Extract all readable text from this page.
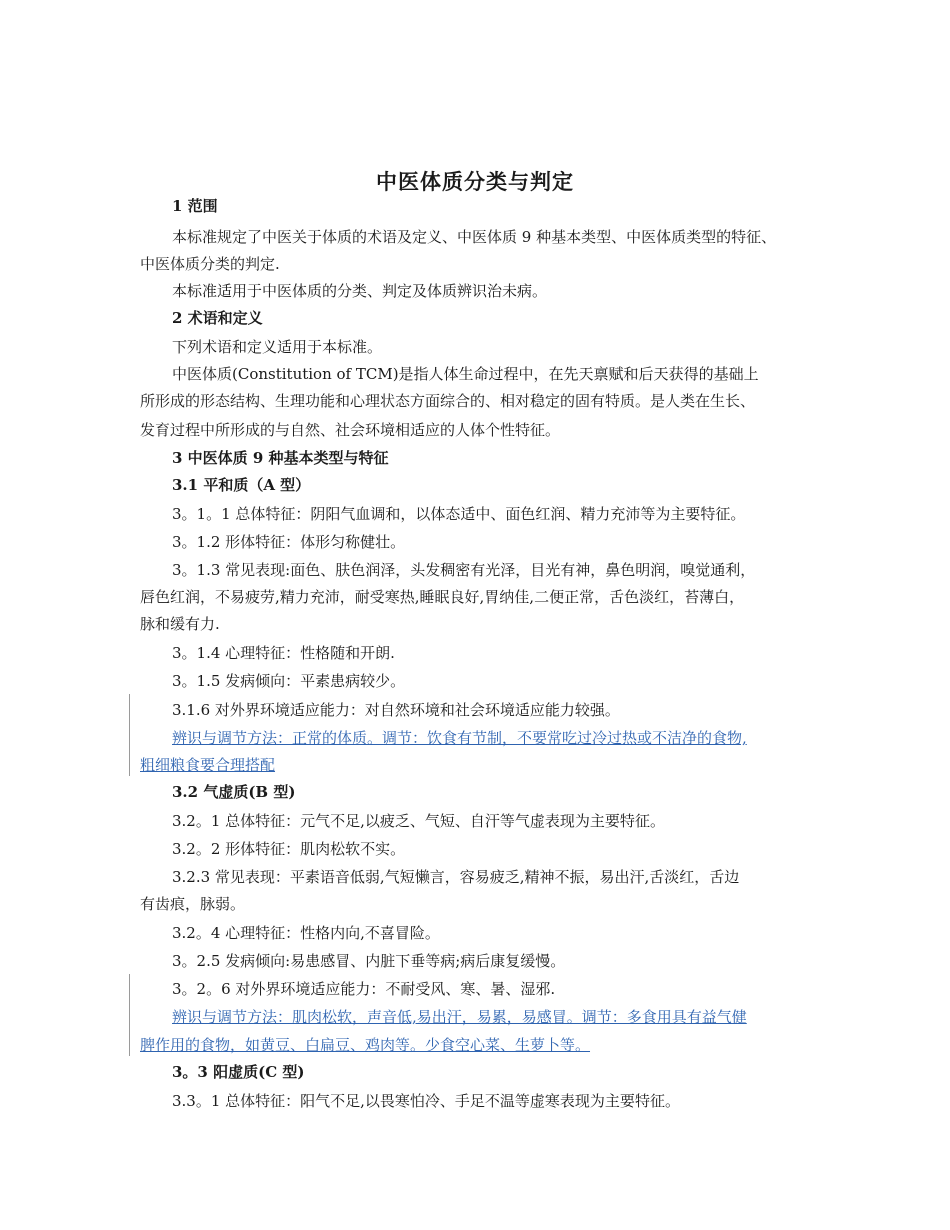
中医体质分类与判定

1 范围

本标准规定了中医关于体质的术语及定义、中医体质 9 种基本类型、中医体质类型的特征、

中医体质分类的判定.

本标准适用于中医体质的分类、判定及体质辨识治未病。

2 术语和定义

下列术语和定义适用于本标准。

中医体质(Constitution of TCM)是指人体生命过程中，在先天禀赋和后天获得的基础上

所形成的形态结构、生理功能和心理状态方面综合的、相对稳定的固有特质。是人类在生长、

发育过程中所形成的与自然、社会环境相适应的人体个性特征。

3 中医体质 9 种基本类型与特征

3.1 平和质（A 型）

3。1。1 总体特征：阴阳气血调和，以体态适中、面色红润、精力充沛等为主要特征。

3。1.2 形体特征：体形匀称健壮。

3。1.3 常见表现:面色、肤色润泽，头发稠密有光泽，目光有神，鼻色明润，嗅觉通利，

唇色红润，不易疲劳,精力充沛，耐受寒热,睡眠良好,胃纳佳,二便正常，舌色淡红，苔薄白，

脉和缓有力.

3。1.4 心理特征：性格随和开朗.

3。1.5 发病倾向：平素患病较少。

3.1.6 对外界环境适应能力：对自然环境和社会环境适应能力较强。

辨识与调节方法：正常的体质。调节：饮食有节制，不要常吃过冷过热或不洁净的食物,

粗细粮食要合理搭配

3.2 气虚质(B 型)

3.2。1 总体特征：元气不足,以疲乏、气短、自汗等气虚表现为主要特征。

3.2。2 形体特征：肌肉松软不实。

3.2.3 常见表现：平素语音低弱,气短懒言，容易疲乏,精神不振，易出汗,舌淡红，舌边

有齿痕，脉弱。

3.2。4 心理特征：性格内向,不喜冒险。

3。2.5 发病倾向:易患感冒、内脏下垂等病;病后康复缓慢。

3。2。6 对外界环境适应能力：不耐受风、寒、暑、湿邪.

辨识与调节方法：肌肉松软，声音低,易出汗，易累，易感冒。调节：多食用具有益气健

脾作用的食物，如黄豆、白扁豆、鸡肉等。少食空心菜、生萝卜等。

3。3 阳虚质(C 型)

3.3。1 总体特征：阳气不足,以畏寒怕冷、手足不温等虚寒表现为主要特征。
